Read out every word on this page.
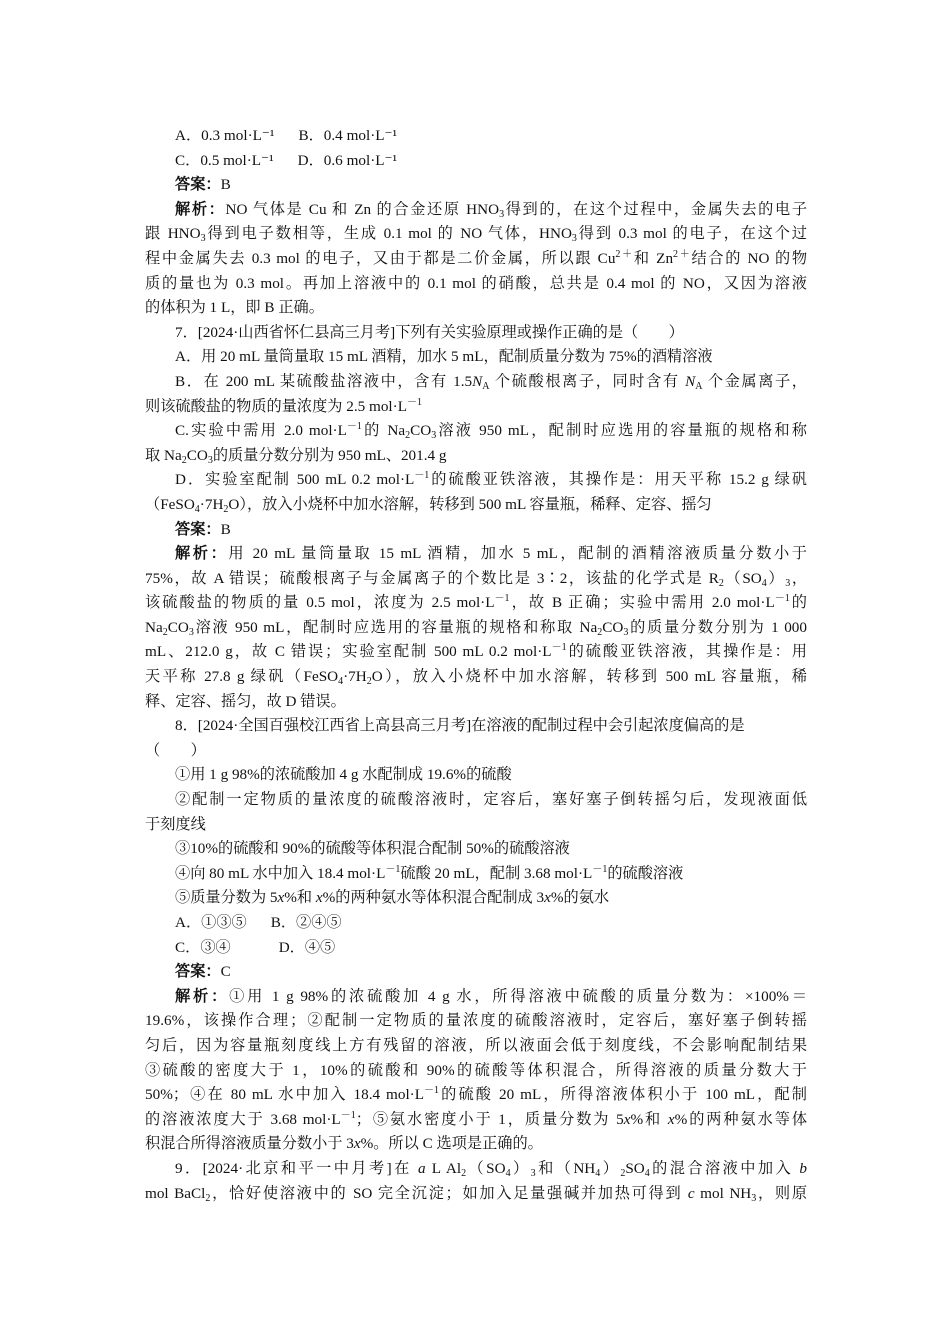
A．0.3 mol·L⁻¹ B．0.4 mol·L⁻¹
C．0.5 mol·L⁻¹ D．0.6 mol·L⁻¹
答案：B
解析：NO 气体是 Cu 和 Zn 的合金还原 $HNO_3$得到的，在这个过程中，金属失去的电子
跟 $HNO_3$得到电子数相等，生成 0.1 mol 的 NO 气体，$HNO_3$得到 0.3 mol 的电子，在这个过
程中金属失去 0.3 mol 的电子，又由于都是二价金属，所以跟 $Cu^{2+}$和 $Zn^{2+}$结合的 NO 的物
质的量也为 0.3 mol。再加上溶液中的 0.1 mol 的硝酸，总共是 0.4 mol 的 NO，又因为溶液
的体积为 1 L，即 B 正确。
7．[2024·山西省怀仁县高三月考]下列有关实验原理或操作正确的是（　　）
A．用 20 mL 量筒量取 15 mL 酒精，加水 5 mL，配制质量分数为 75%的酒精溶液
B．在 200 mL 某硫酸盐溶液中，含有 $1.5N_A$ 个硫酸根离子，同时含有 $N_A$ 个金属离子，
则该硫酸盐的物质的量浓度为 2.5 $mol\cdot L^{-1}$
C.实验中需用 2.0 $mol\cdot L^{-1}$的 $Na_2CO_3$溶液 950 mL，配制时应选用的容量瓶的规格和称
取 $Na_2CO_3$的质量分数分别为 950 mL、201.4 g
D．实验室配制 500 mL 0.2 $mol\cdot L^{-1}$的硫酸亚铁溶液，其操作是：用天平称 15.2 g 绿矾
$(FeSO_4\cdot 7H_2O)$，放入小烧杯中加水溶解，转移到 500 mL 容量瓶，稀释、定容、摇匀
答案：B
解析：用 20 mL 量筒量取 15 mL 酒精，加水 5 mL，配制的酒精溶液质量分数小于
75%，故 A 错误；硫酸根离子与金属离子的个数比是 3∶2，该盐的化学式是 $R_2(SO_4)_3$，
该硫酸盐的物质的量 0.5 mol，浓度为 2.5 $mol\cdot L^{-1}$，故 B 正确；实验中需用 2.0 $mol\cdot L^{-1}$的
$Na_2CO_3$溶液 950 mL，配制时应选用的容量瓶的规格和称取 $Na_2CO_3$的质量分数分别为 1 000
mL、212.0 g，故 C 错误；实验室配制 500 mL 0.2 $mol\cdot L^{-1}$的硫酸亚铁溶液，其操作是：用
天平称 27.8 g 绿矾$(FeSO_4\cdot 7H_2O)$，放入小烧杯中加水溶解，转移到 500 mL 容量瓶，稀
释、定容、摇匀，故 D 错误。
8．[2024·全国百强校江西省上高县高三月考]在溶液的配制过程中会引起浓度偏高的是
（　　）
①用 1 g 98%的浓硫酸加 4 g 水配制成 19.6%的硫酸
②配制一定物质的量浓度的硫酸溶液时，定容后，塞好塞子倒转摇匀后，发现液面低
于刻度线
③10%的硫酸和 90%的硫酸等体积混合配制 50%的硫酸溶液
④向 80 mL 水中加入 18.4 $mol\cdot L^{-1}$硫酸 20 mL，配制 3.68 $mol\cdot L^{-1}$的硫酸溶液
⑤质量分数为 5x%和 x%的两种氨水等体积混合配制成 3x%的氨水
A．①③⑤ B．②④⑤
C．③④	D．④⑤
答案：C
解析：①用 1 g 98%的浓硫酸加 4 g 水，所得溶液中硫酸的质量分数为：×100%＝
19.6%，该操作合理；②配制一定物质的量浓度的硫酸溶液时，定容后，塞好塞子倒转摇
匀后，因为容量瓶刻度线上方有残留的溶液，所以液面会低于刻度线，不会影响配制结果
③硫酸的密度大于 1，10%的硫酸和 90%的硫酸等体积混合，所得溶液的质量分数大于
50%；④在 80 mL 水中加入 18.4 $mol\cdot L^{-1}$的硫酸 20 mL，所得溶液体积小于 100 mL，配制
的溶液浓度大于 3.68 $mol\cdot L^{-1}$；⑤氨水密度小于 1，质量分数为 5x%和 x%的两种氨水等体
积混合所得溶液质量分数小于 3x%。所以 C 选项是正确的。
9．[2024·北京和平一中月考]在 a L $Al_2(SO_4)_3$和$(NH_4)_2SO_4$的混合溶液中加入 b
mol BaCl$_2$，恰好使溶液中的 SO 完全沉淀；如加入足量强碱并加热可得到 c mol $NH_3$，则原
